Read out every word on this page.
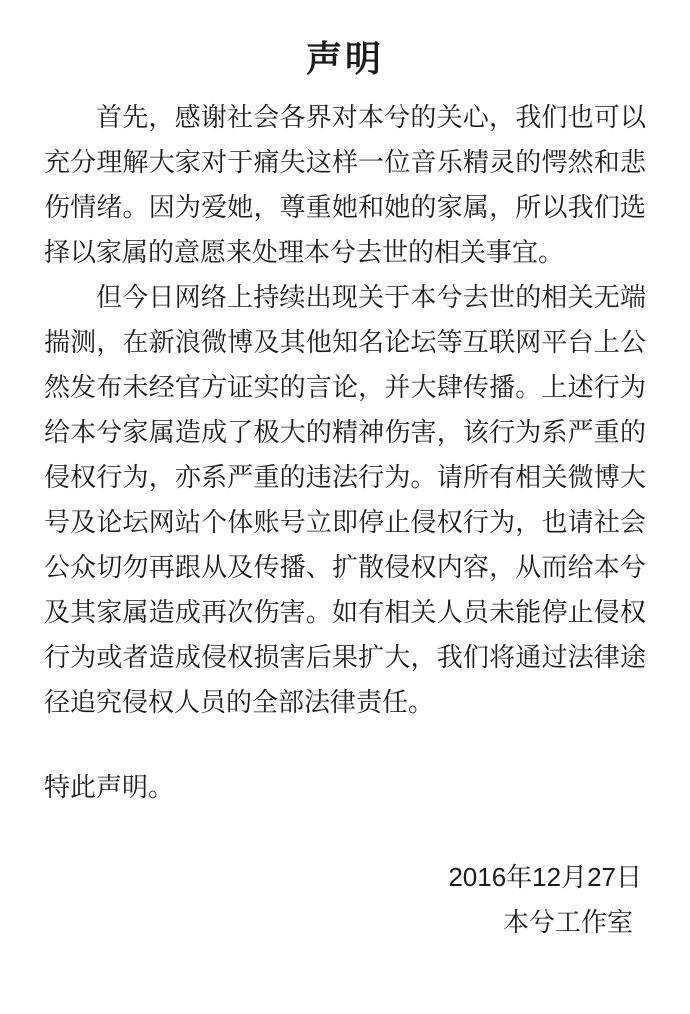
声明

首先，感谢社会各界对本兮的关心，我们也可以
充分理解大家对于痛失这样一位音乐精灵的愕然和悲
伤情绪。因为爱她，尊重她和她的家属，所以我们选
择以家属的意愿来处理本兮去世的相关事宜。

但今日网络上持续出现关于本兮去世的相关无端
揣测，在新浪微博及其他知名论坛等互联网平台上公
然发布未经官方证实的言论，并大肆传播。上述行为
给本兮家属造成了极大的精神伤害，该行为系严重的
侵权行为，亦系严重的违法行为。请所有相关微博大
号及论坛网站个体账号立即停止侵权行为，也请社会
公众切勿再跟从及传播、扩散侵权内容，从而给本兮
及其家属造成再次伤害。如有相关人员未能停止侵权
行为或者造成侵权损害后果扩大，我们将通过法律途
径追究侵权人员的全部法律责任。

特此声明。

2016年12月27日

本兮工作室
